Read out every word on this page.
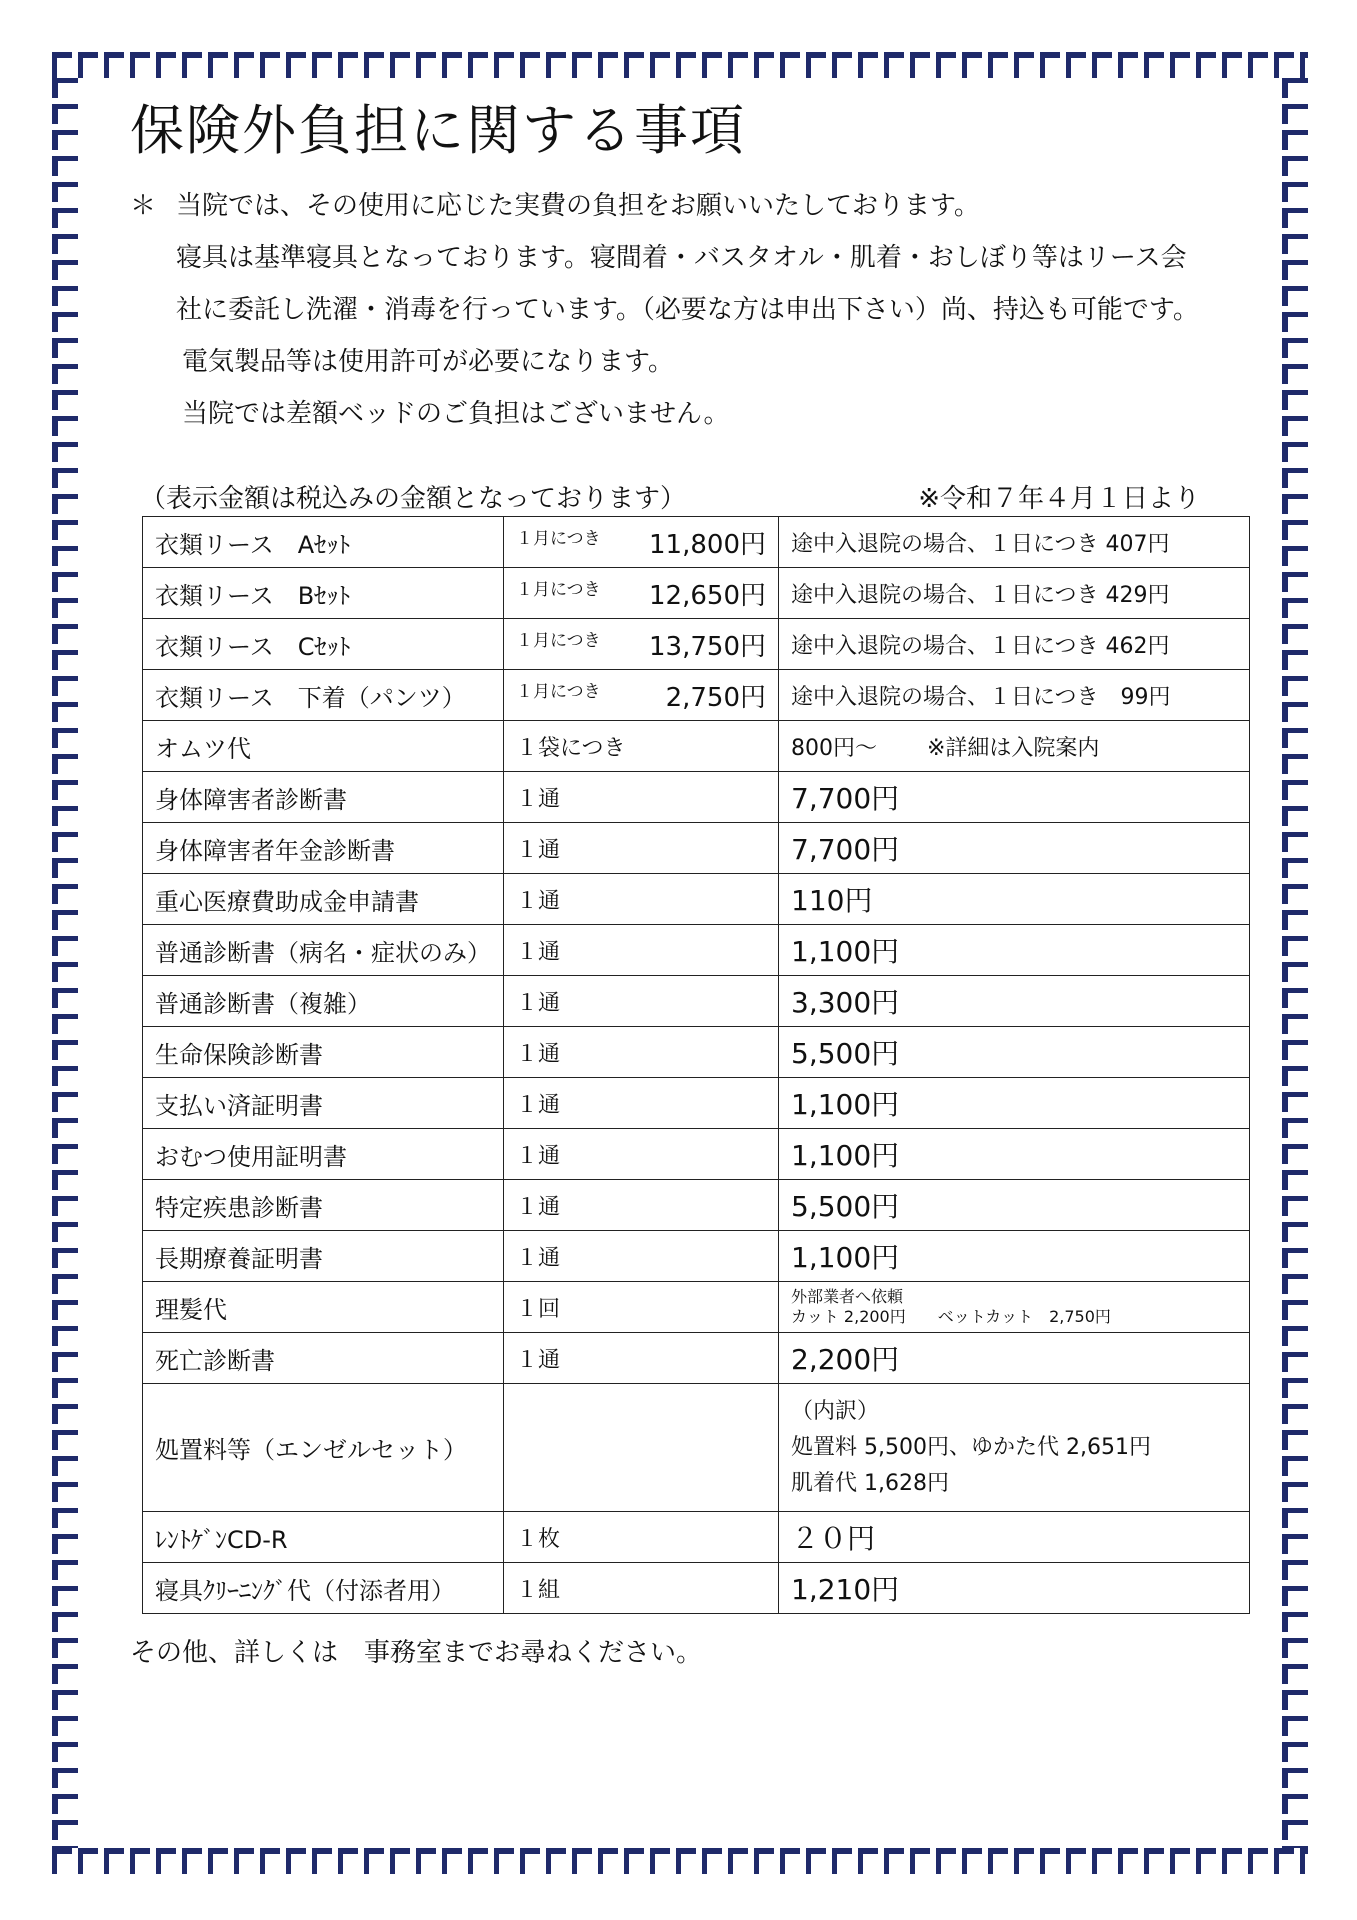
保険外負担に関する事項
＊ 当院では、その使用に応じた実費の負担をお願いいたしております。
寝具は基準寝具となっております。寝間着・バスタオル・肌着・おしぼり等はリース会
社に委託し洗濯・消毒を行っています。（必要な方は申出下さい）尚、持込も可能です。
電気製品等は使用許可が必要になります。
当院では差額ベッドのご負担はございません。
（表示金額は税込みの金額となっております）	※令和７年４月１日より
衣類リース　Aｾｯﾄ	１月につき 11,800円	途中入退院の場合、１日につき 407円
衣類リース　Bｾｯﾄ	１月につき 12,650円	途中入退院の場合、１日につき 429円
衣類リース　Cｾｯﾄ	１月につき 13,750円	途中入退院の場合、１日につき 462円
衣類リース　下着（パンツ）	１月につき 2,750円	途中入退院の場合、１日につき　99円
オムツ代	１袋につき	800円～ ※詳細は入院案内
身体障害者診断書	１通	7,700円
身体障害者年金診断書	１通	7,700円
重心医療費助成金申請書	１通	110円
普通診断書（病名・症状のみ）	１通	1,100円
普通診断書（複雑）	１通	3,300円
生命保険診断書	１通	5,500円
支払い済証明書	１通	1,100円
おむつ使用証明書	１通	1,100円
特定疾患診断書	１通	5,500円
長期療養証明書	１通	1,100円
理髪代	１回	外部業者へ依頼
カット 2,200円　　ベットカット　2,750円

死亡診断書	１通	2,200円
処置料等（エンゼルセット）		（内訳）
処置料 5,500円、ゆかた代 2,651円
肌着代 1,628円

ﾚﾝﾄｹﾞﾝCD-R	１枚	２０円
寝具ｸﾘｰﾆﾝｸﾞ代（付添者用）	１組	1,210円
その他、詳しくは　事務室までお尋ねください。
